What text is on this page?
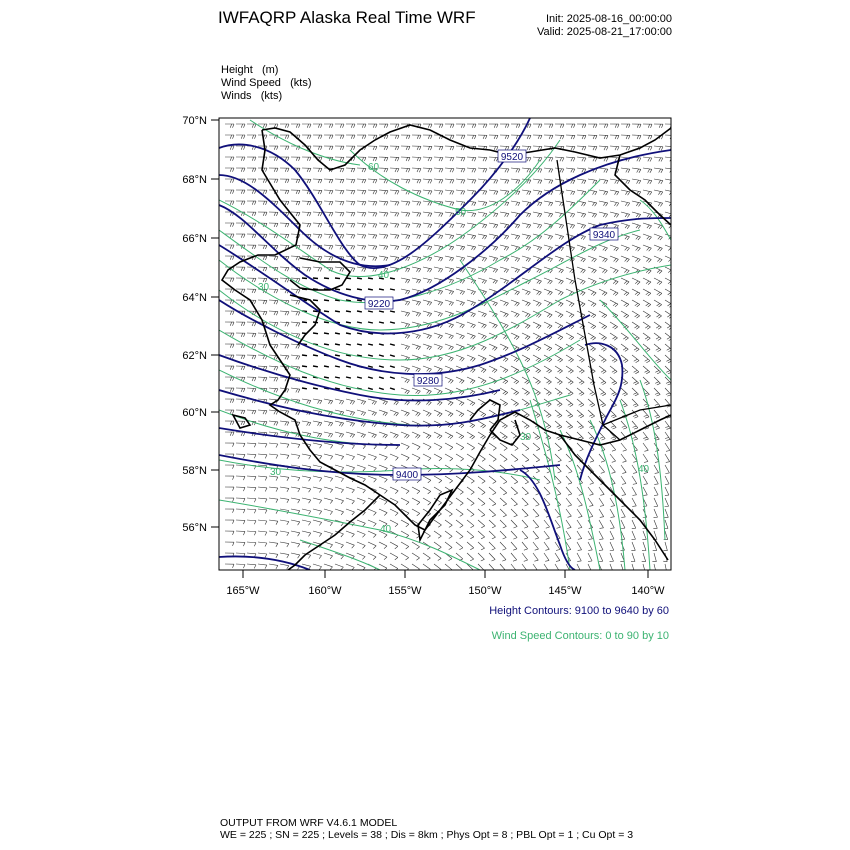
IWFAQRP Alaska Real Time WRF	Init: 2025-08-16_00:00:00
Valid: 2025-08-21_17:00:00
Height   (m)
Wind Speed   (kts)
Winds   (kts)
9520
9340
9220
9280
9400
60
50
40
30
30
40
30
40
70°N
68°N
66°N
64°N
62°N
60°N
58°N
56°N
165°W	160°W	155°W	150°W	145°W	140°W
Height Contours: 9100 to 9640 by 60
Wind Speed Contours: 0 to 90 by 10
OUTPUT FROM WRF V4.6.1 MODEL
WE = 225 ; SN = 225 ; Levels = 38 ; Dis = 8km ; Phys Opt = 8 ; PBL Opt = 1 ; Cu Opt = 3
